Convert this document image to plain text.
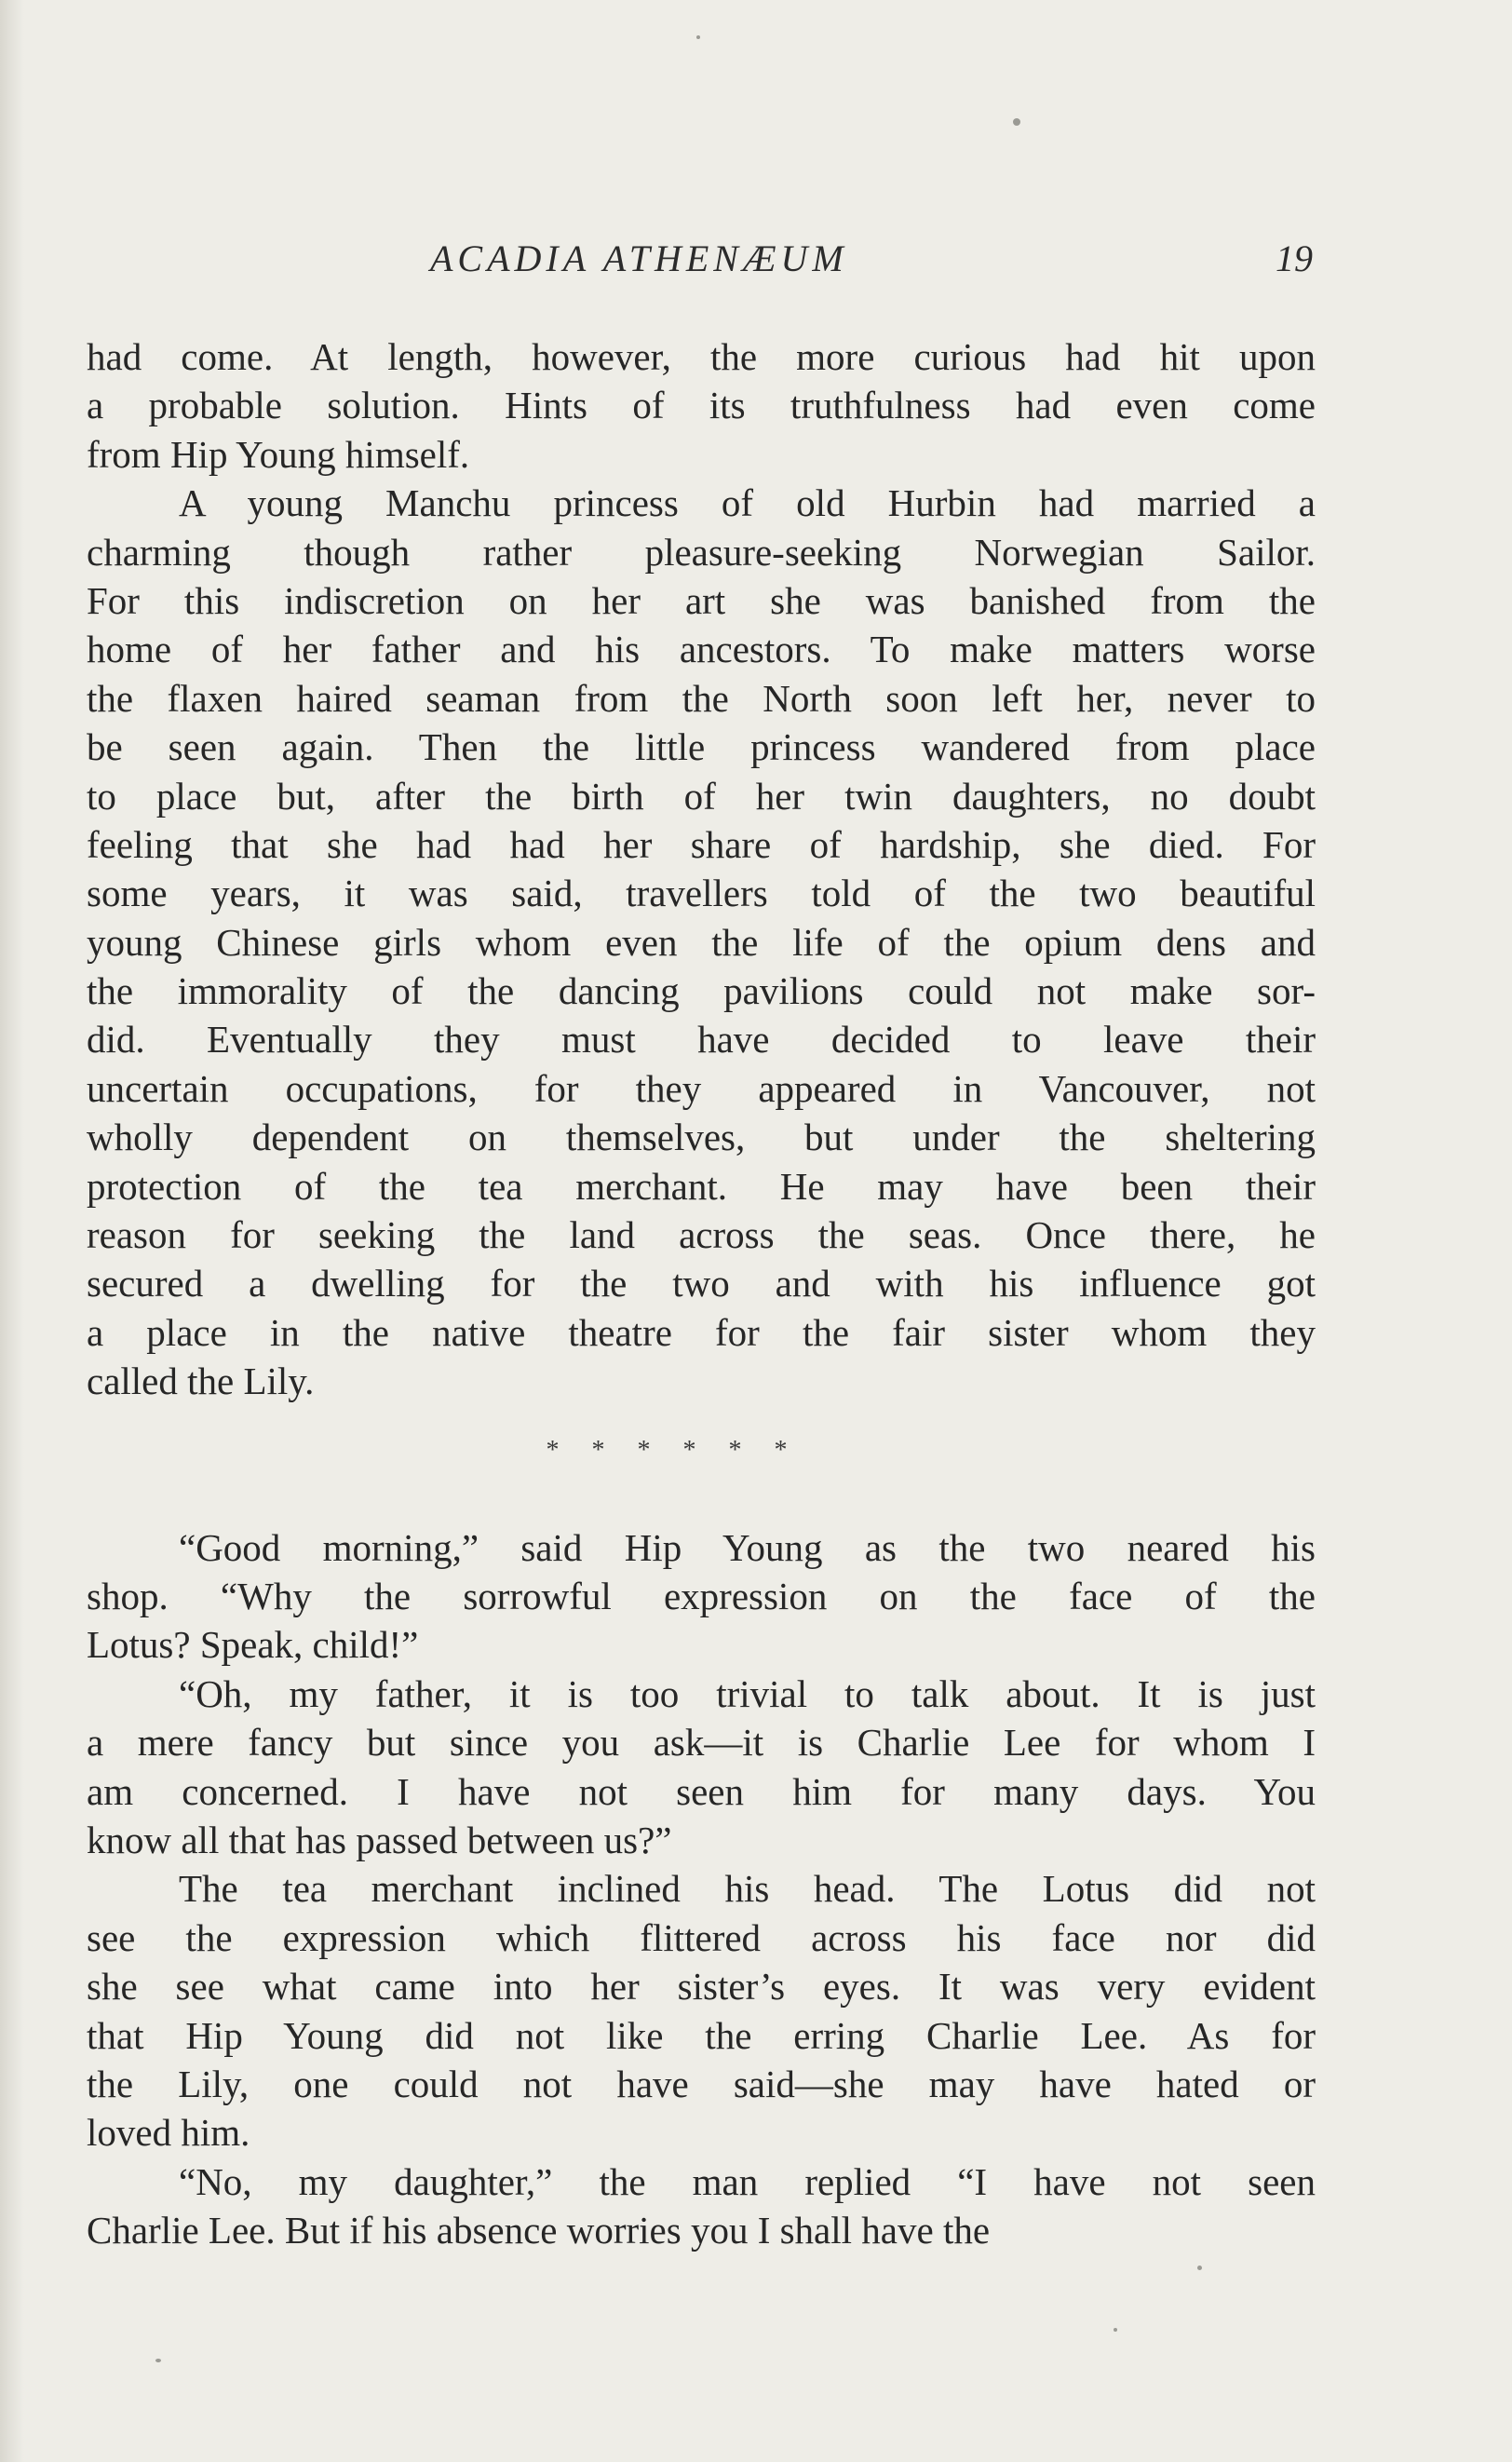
ACADIA ATHENÆUM	19
had come. At length, however, the more curious had hit upon
a probable solution. Hints of its truthfulness had even come
from Hip Young himself.
A young Manchu princess of old Hurbin had married a
charming though rather pleasure-seeking Norwegian Sailor.
For this indiscretion on her art she was banished from the
home of her father and his ancestors. To make matters worse
the flaxen haired seaman from the North soon left her, never to
be seen again. Then the little princess wandered from place
to place but, after the birth of her twin daughters, no doubt
feeling that she had had her share of hardship, she died. For
some years, it was said, travellers told of the two beautiful
young Chinese girls whom even the life of the opium dens and
the immorality of the dancing pavilions could not make sor-
did. Eventually they must have decided to leave their
uncertain occupations, for they appeared in Vancouver, not
wholly dependent on themselves, but under the sheltering
protection of the tea merchant. He may have been their
reason for seeking the land across the seas. Once there, he
secured a dwelling for the two and with his influence got
a place in the native theatre for the fair sister whom they
called the Lily.
* * * * * *
“Good morning,” said Hip Young as the two neared his
shop. “Why the sorrowful expression on the face of the
Lotus? Speak, child!”
“Oh, my father, it is too trivial to talk about. It is just
a mere fancy but since you ask—it is Charlie Lee for whom I
am concerned. I have not seen him for many days. You
know all that has passed between us?”
The tea merchant inclined his head. The Lotus did not
see the expression which flittered across his face nor did
she see what came into her sister’s eyes. It was very evident
that Hip Young did not like the erring Charlie Lee. As for
the Lily, one could not have said—she may have hated or
loved him.
“No, my daughter,” the man replied “I have not seen
Charlie Lee. But if his absence worries you I shall have the
